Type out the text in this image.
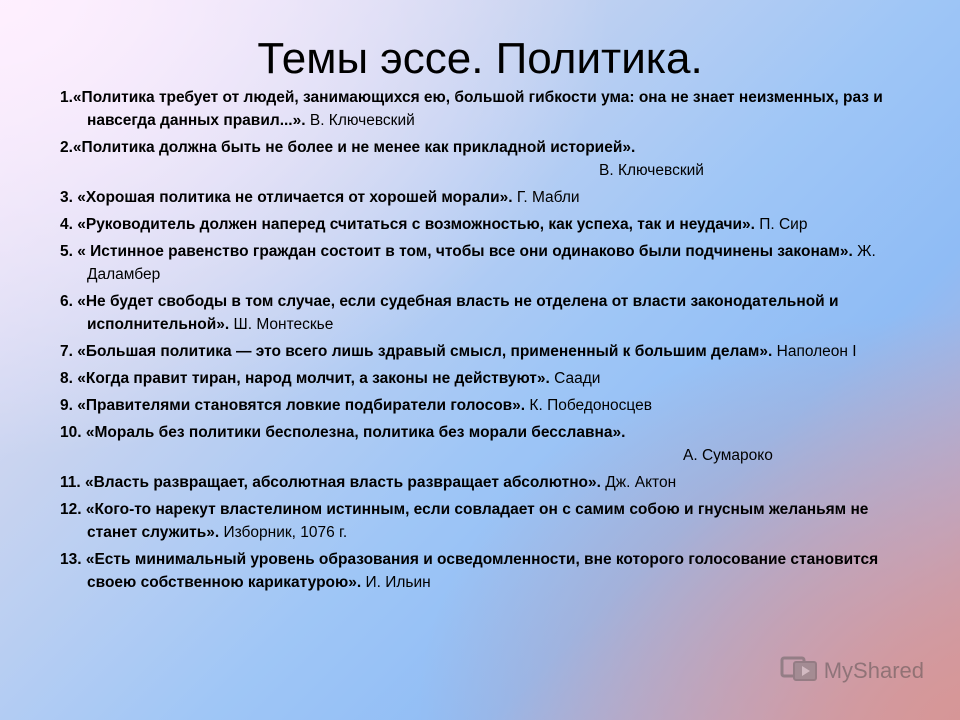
Темы эссе. Политика.
1.«Политика требует от людей, занимающихся ею, большой гибкости ума: она не знает неизменных, раз и навсегда данных правил...». В. Ключевский
2.«Политика должна быть не более и не менее как прикладной историей».
В. Ключевский
3. «Хорошая политика не отличается от хорошей морали». Г. Мабли
4. «Руководитель должен наперед считаться с возможностью, как успеха, так и неудачи». П. Сир
5. « Истинное равенство граждан состоит в том, чтобы все они одинаково были подчинены законам». Ж. Даламбер
6. «Не будет свободы в том случае, если судебная власть не отделена от власти законодательной и исполнительной». Ш. Монтескье
7. «Большая политика — это всего лишь здравый смысл, примененный к большим делам». Наполеон I
8. «Когда правит тиран, народ молчит, а законы не действуют». Саади
9. «Правителями становятся ловкие подбиратели голосов». К. Победоносцев
10. «Мораль без политики бесполезна, политика без морали бесславна».
А. Сумароко
11. «Власть развращает, абсолютная власть развращает абсолютно». Дж. Актон
12. «Кого-то нарекут властелином истинным, если совладает он с самим собою и гнусным желаньям не станет служить». Изборник, 1076 г.
13. «Есть минимальный уровень образования и осведомленности, вне которого голосование становится своею собственною карикатурою». И. Ильин
MyShared
